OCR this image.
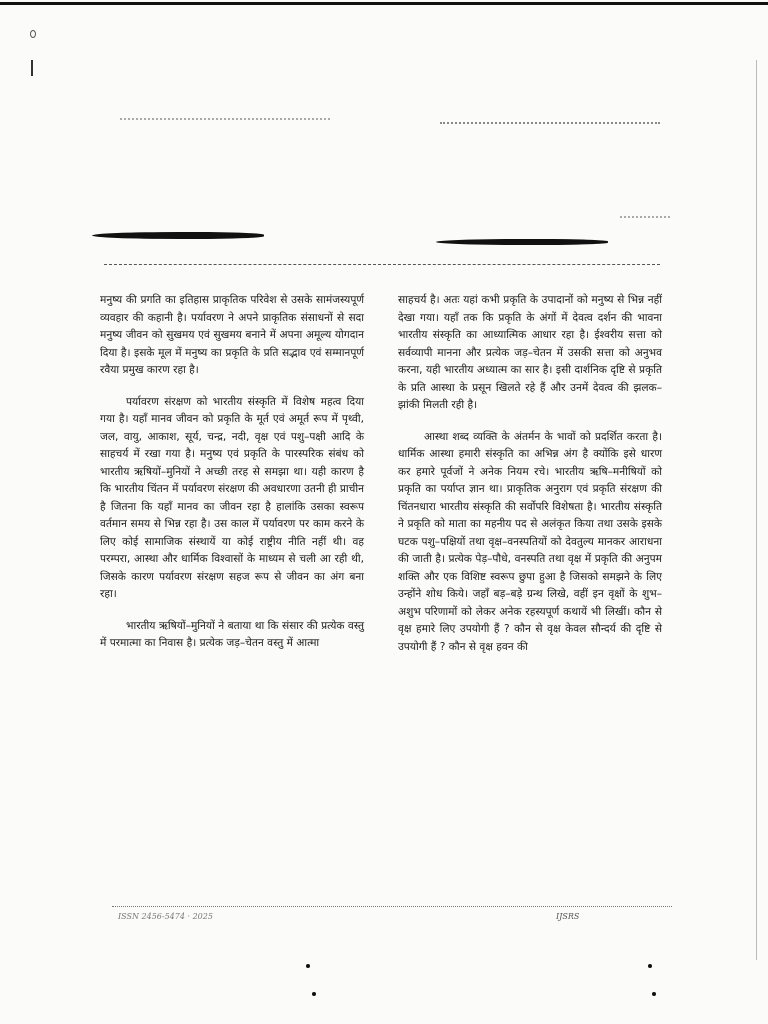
मनुष्य की प्रगति का इतिहास प्राकृतिक परिवेश से उसके सामंजस्यपूर्ण व्यवहार की कहानी है। पर्यावरण ने अपने प्राकृतिक संसाधनों से सदा मनुष्य जीवन को सुखमय एवं सुखमय बनाने में अपना अमूल्य योगदान दिया है। इसके मूल में मनुष्य का प्रकृति के प्रति सद्भाव एवं सम्मानपूर्ण रवैया प्रमुख कारण रहा है।

पर्यावरण संरक्षण को भारतीय संस्कृति में विशेष महत्व दिया गया है। यहाँ मानव जीवन को प्रकृति के मूर्त एवं अमूर्त रूप में पृथ्वी, जल, वायु, आकाश, सूर्य, चन्द्र, नदी, वृक्ष एवं पशु–पक्षी आदि के साहचर्य में रखा गया है। मनुष्य एवं प्रकृति के पारस्परिक संबंध को भारतीय ऋषियों–मुनियों ने अच्छी तरह से समझा था। यही कारण है कि भारतीय चिंतन में पर्यावरण संरक्षण की अवधारणा उतनी ही प्राचीन है जितना कि यहाँ मानव का जीवन रहा है हालांकि उसका स्वरूप वर्तमान समय से भिन्न रहा है। उस काल में पर्यावरण पर काम करने के लिए कोई सामाजिक संस्थायें या कोई राष्ट्रीय नीति नहीं थी। वह परम्परा, आस्था और धार्मिक विश्वासों के माध्यम से चली आ रही थी, जिसके कारण पर्यावरण संरक्षण सहज रूप से जीवन का अंग बना रहा।

भारतीय ऋषियों–मुनियों ने बताया था कि संसार की प्रत्येक वस्तु में परमात्मा का निवास है। प्रत्येक जड़–चेतन वस्तु में आत्मा

साहचर्य है। अतः यहां कभी प्रकृति के उपादानों को मनुष्य से भिन्न नहीं देखा गया। यहाँ तक कि प्रकृति के अंगों में देवत्व दर्शन की भावना भारतीय संस्कृति का आध्यात्मिक आधार रहा है। ईश्वरीय सत्ता को सर्वव्यापी मानना और प्रत्येक जड़–चेतन में उसकी सत्ता को अनुभव करना, यही भारतीय अध्यात्म का सार है। इसी दार्शनिक दृष्टि से प्रकृति के प्रति आस्था के प्रसून खिलते रहे हैं और उनमें देवत्व की झलक–झांकी मिलती रही है।

आस्था शब्द व्यक्ति के अंतर्मन के भावों को प्रदर्शित करता है। धार्मिक आस्था हमारी संस्कृति का अभिन्न अंग है क्योंकि इसे धारण कर हमारे पूर्वजों ने अनेक नियम रचे। भारतीय ऋषि–मनीषियों को प्रकृति का पर्याप्त ज्ञान था। प्राकृतिक अनुराग एवं प्रकृति संरक्षण की चिंतनधारा भारतीय संस्कृति की सर्वोपरि विशेषता है। भारतीय संस्कृति ने प्रकृति को माता का महनीय पद से अलंकृत किया तथा उसके इसके घटक पशु–पक्षियों तथा वृक्ष–वनस्पतियों को देवतुल्य मानकर आराधना की जाती है। प्रत्येक पेड़–पौधे, वनस्पति तथा वृक्ष में प्रकृति की अनुपम शक्ति और एक विशिष्ट स्वरूप छुपा हुआ है जिसको समझने के लिए उन्होंने शोध किये। जहाँ बड़–बड़े ग्रन्थ लिखे, वहीं इन वृक्षों के शुभ–अशुभ परिणामों को लेकर अनेक रहस्यपूर्ण कथायें भी लिखीं। कौन से वृक्ष हमारे लिए उपयोगी हैं ? कौन से वृक्ष केवल सौन्दर्य की दृष्टि से उपयोगी हैं ? कौन से वृक्ष हवन की

ISSN 2456-5474 · 2025	IJSRS
